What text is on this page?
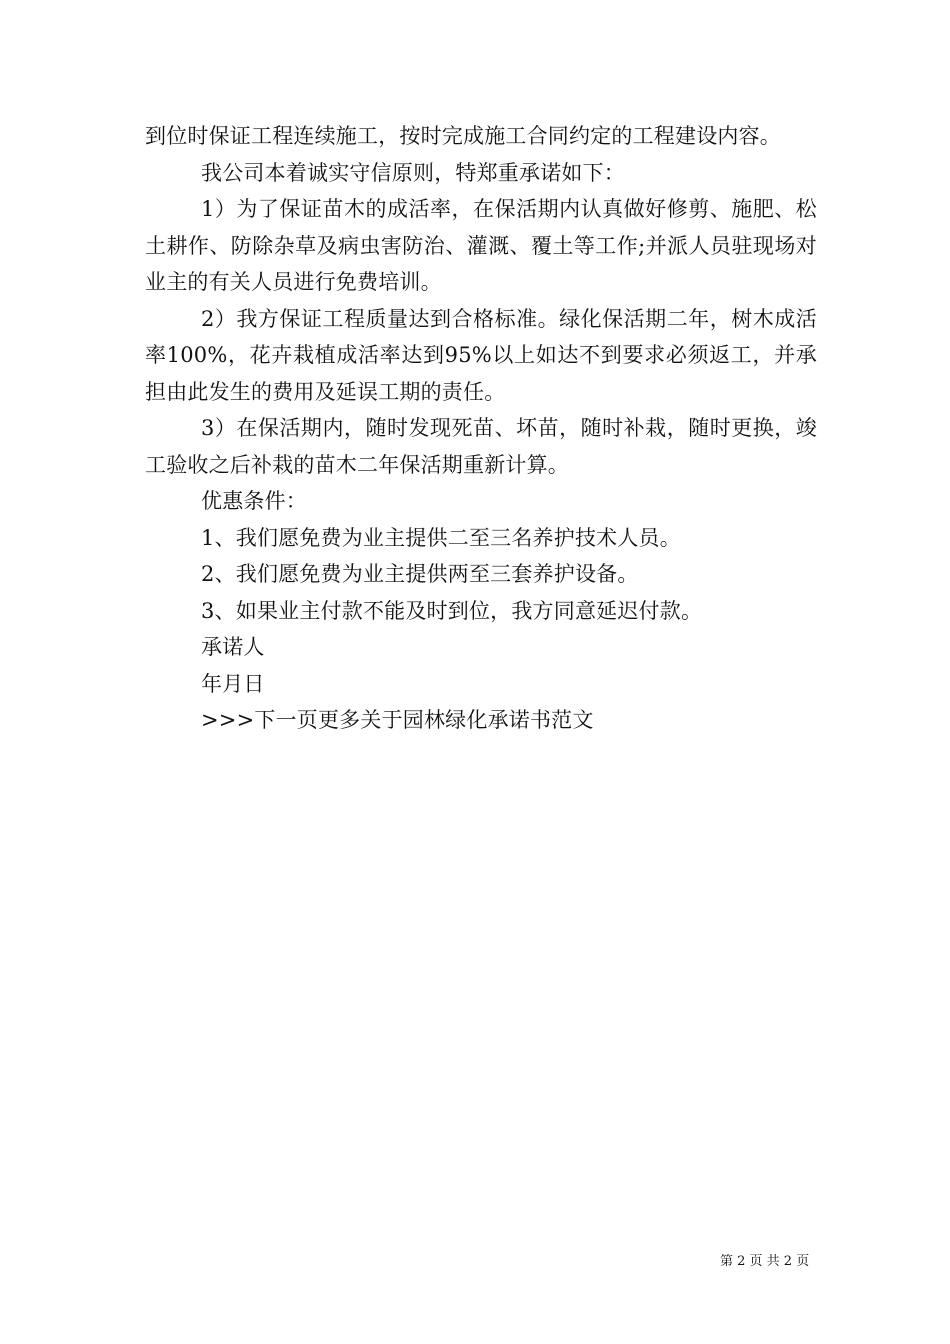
到位时保证工程连续施工，按时完成施工合同约定的工程建设内容。

我公司本着诚实守信原则，特郑重承诺如下：

1）为了保证苗木的成活率，在保活期内认真做好修剪、施肥、松土耕作、防除杂草及病虫害防治、灌溉、覆土等工作;并派人员驻现场对业主的有关人员进行免费培训。

2）我方保证工程质量达到合格标准。绿化保活期二年，树木成活率100%，花卉栽植成活率达到95%以上如达不到要求必须返工，并承担由此发生的费用及延误工期的责任。

3）在保活期内，随时发现死苗、坏苗，随时补栽，随时更换，竣工验收之后补栽的苗木二年保活期重新计算。

优惠条件：

1、我们愿免费为业主提供二至三名养护技术人员。

2、我们愿免费为业主提供两至三套养护设备。

3、如果业主付款不能及时到位，我方同意延迟付款。

承诺人

年月日

>>>下一页更多关于园林绿化承诺书范文

第 2 页 共 2 页
